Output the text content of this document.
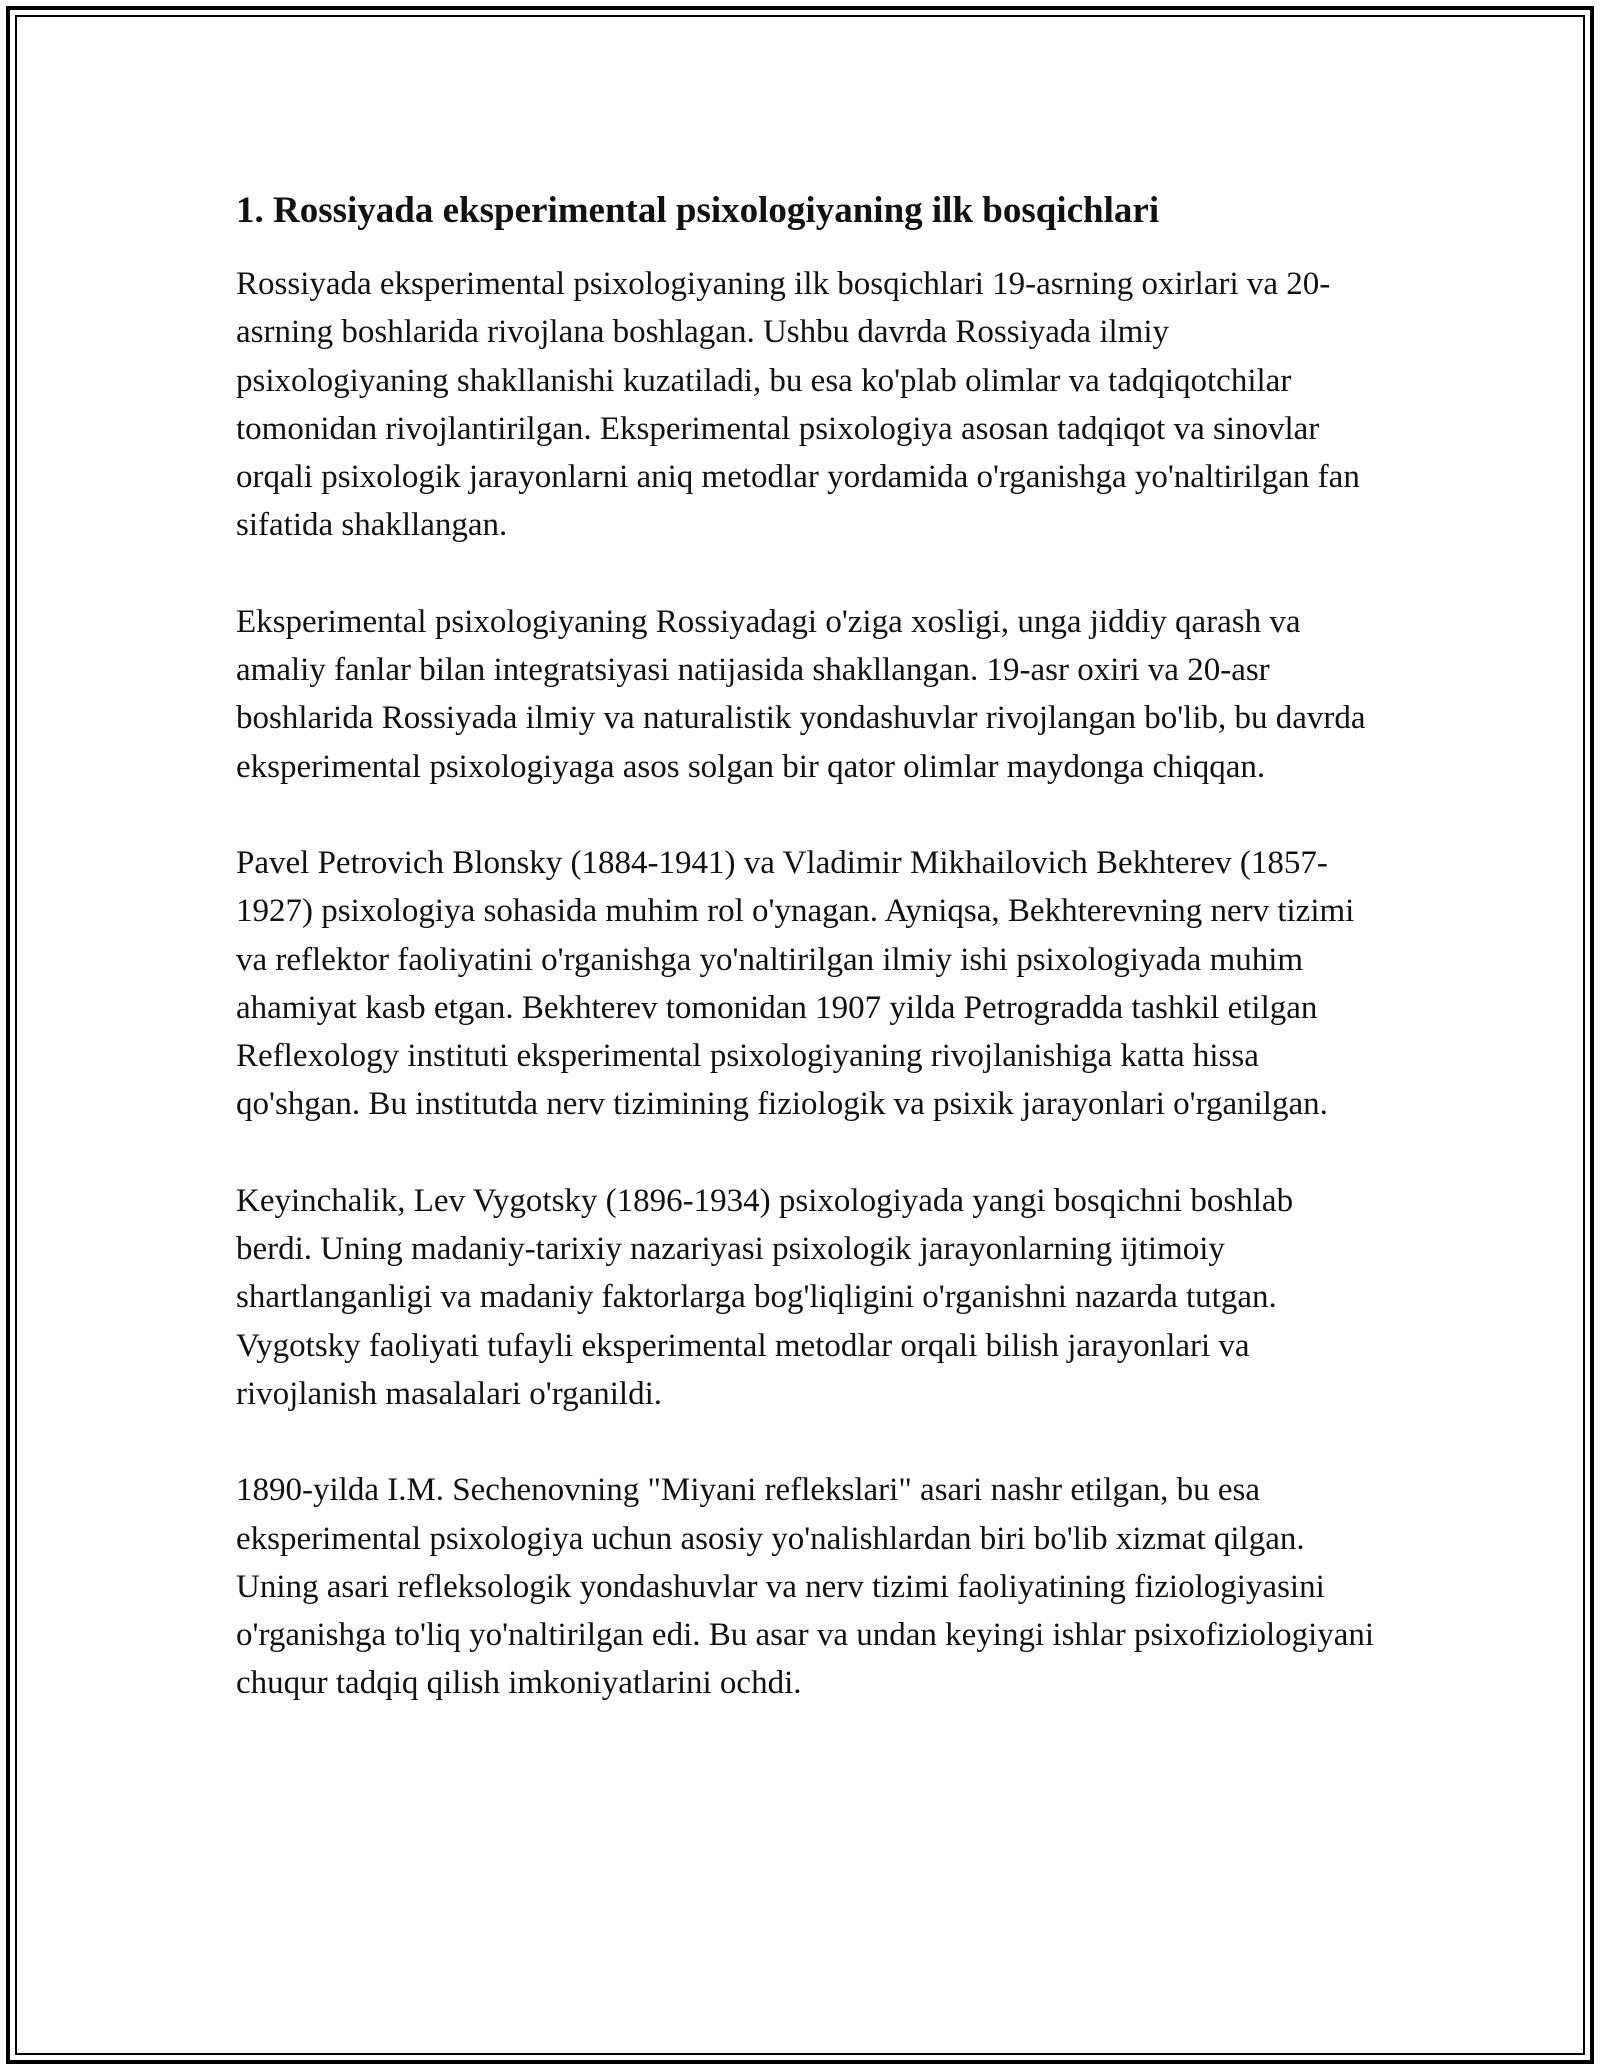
1. Rossiyada eksperimental psixologiyaning ilk bosqichlari

Rossiyada eksperimental psixologiyaning ilk bosqichlari 19-asrning oxirlari va 20-asrning boshlarida rivojlana boshlagan. Ushbu davrda Rossiyada ilmiy psixologiyaning shakllanishi kuzatiladi, bu esa ko'plab olimlar va tadqiqotchilar tomonidan rivojlantirilgan. Eksperimental psixologiya asosan tadqiqot va sinovlar orqali psixologik jarayonlarni aniq metodlar yordamida o'rganishga yo'naltirilgan fan sifatida shakllangan.

Eksperimental psixologiyaning Rossiyadagi o'ziga xosligi, unga jiddiy qarash va amaliy fanlar bilan integratsiyasi natijasida shakllangan. 19-asr oxiri va 20-asr boshlarida Rossiyada ilmiy va naturalistik yondashuvlar rivojlangan bo'lib, bu davrda eksperimental psixologiyaga asos solgan bir qator olimlar maydonga chiqqan.

Pavel Petrovich Blonsky (1884-1941) va Vladimir Mikhailovich Bekhterev (1857-1927) psixologiya sohasida muhim rol o'ynagan. Ayniqsa, Bekhterevning nerv tizimi va reflektor faoliyatini o'rganishga yo'naltirilgan ilmiy ishi psixologiyada muhim ahamiyat kasb etgan. Bekhterev tomonidan 1907 yilda Petrogradda tashkil etilgan Reflexology instituti eksperimental psixologiyaning rivojlanishiga katta hissa qo'shgan. Bu institutda nerv tizimining fiziologik va psixik jarayonlari o'rganilgan.

Keyinchalik, Lev Vygotsky (1896-1934) psixologiyada yangi bosqichni boshlab berdi. Uning madaniy-tarixiy nazariyasi psixologik jarayonlarning ijtimoiy shartlanganligi va madaniy faktorlarga bog'liqligini o'rganishni nazarda tutgan. Vygotsky faoliyati tufayli eksperimental metodlar orqali bilish jarayonlari va rivojlanish masalalari o'rganildi.

1890-yilda I.M. Sechenovning "Miyani reflekslari" asari nashr etilgan, bu esa eksperimental psixologiya uchun asosiy yo'nalishlardan biri bo'lib xizmat qilgan. Uning asari refleksologik yondashuvlar va nerv tizimi faoliyatining fiziologiyasini o'rganishga to'liq yo'naltirilgan edi. Bu asar va undan keyingi ishlar psixofiziologiyani chuqur tadqiq qilish imkoniyatlarini ochdi.
